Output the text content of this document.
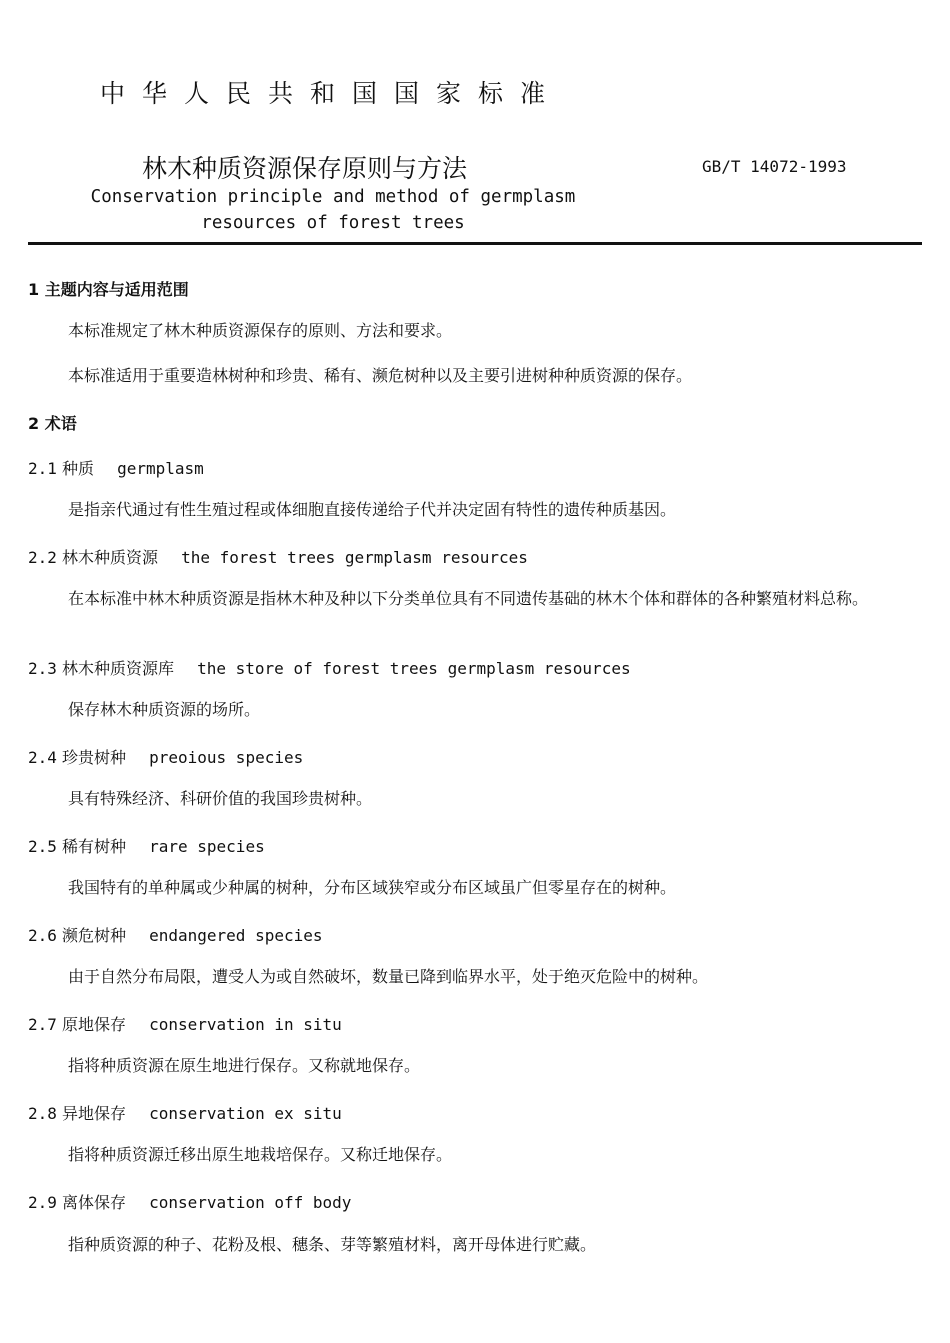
中华人民共和国国家标准
林木种质资源保存原则与方法	GB/T 14072-1993
Conservation principle and method of germplasm
resources of forest trees
1 主题内容与适用范围
本标准规定了林木种质资源保存的原则、方法和要求。
本标准适用于重要造林树种和珍贵、稀有、濒危树种以及主要引进树种种质资源的保存。
2 术语
2.1 种质 germplasm
是指亲代通过有性生殖过程或体细胞直接传递给子代并决定固有特性的遗传种质基因。
2.2 林木种质资源 the forest trees germplasm resources
在本标准中林木种质资源是指林木种及种以下分类单位具有不同遗传基础的林木个体和群体的各种繁殖材料总称。
2.3 林木种质资源库 the store of forest trees germplasm resources
保存林木种质资源的场所。
2.4 珍贵树种 preoious species
具有特殊经济、科研价值的我国珍贵树种。
2.5 稀有树种 rare species
我国特有的单种属或少种属的树种，分布区域狭窄或分布区域虽广但零星存在的树种。
2.6 濒危树种 endangered species
由于自然分布局限，遭受人为或自然破坏，数量已降到临界水平，处于绝灭危险中的树种。
2.7 原地保存 conservation in situ
指将种质资源在原生地进行保存。又称就地保存。
2.8 异地保存 conservation ex situ
指将种质资源迁移出原生地栽培保存。又称迁地保存。
2.9 离体保存 conservation off body
指种质资源的种子、花粉及根、穗条、芽等繁殖材料，离开母体进行贮藏。
